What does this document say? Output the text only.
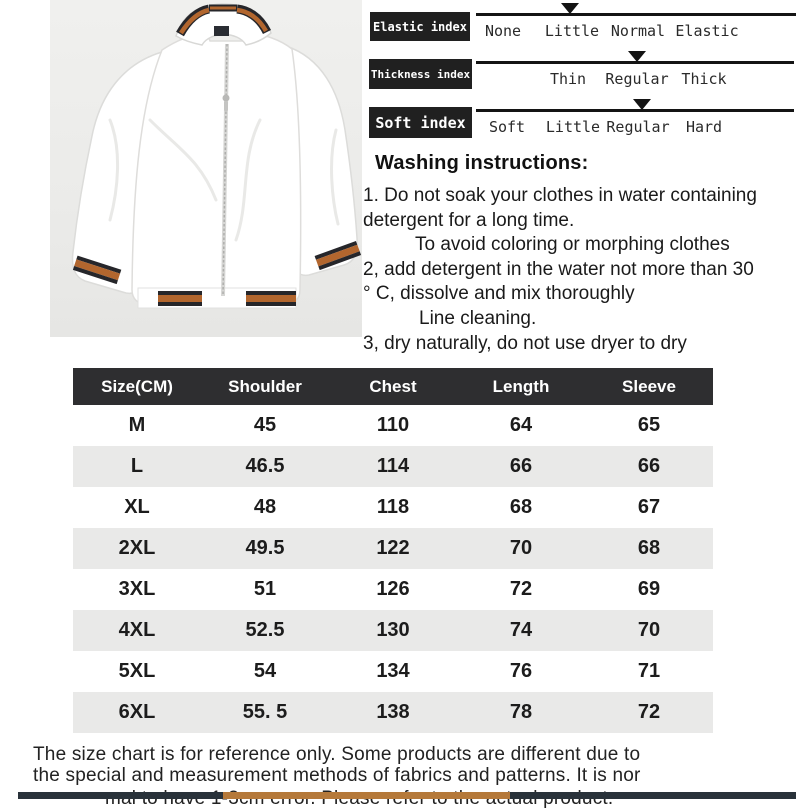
Elastic index None Little Normal Elastic
Thickness index	Thin Regular Thick
Soft index Soft Little Regular Hard
Washing instructions:
1. Do not soak your clothes in water containing
detergent for a long time.
To avoid coloring or morphing clothes
2, add detergent in the water not more than 30
° C, dissolve and mix thoroughly
Line cleaning.
3, dry naturally, do not use dryer to dry
Size(CM)	Shoulder	Chest	Length	Sleeve
M	45	110	64	65
L	46.5	114	66	66
XL	48	118	68	67
2XL	49.5	122	70	68
3XL	51	126	72	69
4XL	52.5	130	74	70
5XL	54	134	76	71
6XL	55. 5	138	78	72
The size chart is for reference only. Some products are different due to
the special and measurement methods of fabrics and patterns. It is nor
